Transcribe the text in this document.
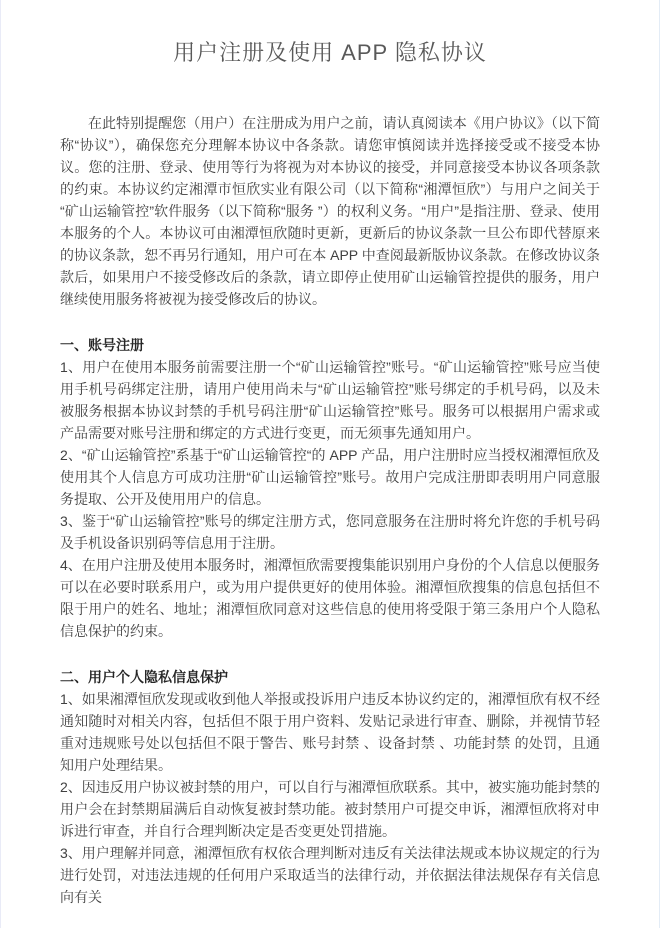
用户注册及使用 APP 隐私协议

在此特别提醒您（用户）在注册成为用户之前，请认真阅读本《用户协议》（以下简称“协议”），确保您充分理解本协议中各条款。请您审慎阅读并选择接受或不接受本协议。您的注册、登录、使用等行为将视为对本协议的接受，并同意接受本协议各项条款的约束。本协议约定湘潭市恒欣实业有限公司（以下简称“湘潭恒欣”）与用户之间关于“矿山运输管控”软件服务（以下简称“服务 ”）的权利义务。“用户”是指注册、登录、使用本服务的个人。本协议可由湘潭恒欣随时更新，更新后的协议条款一旦公布即代替原来的协议条款，恕不再另行通知，用户可在本 APP 中查阅最新版协议条款。在修改协议条款后，如果用户不接受修改后的条款，请立即停止使用矿山运输管控提供的服务，用户继续使用服务将被视为接受修改后的协议。

一、账号注册

1、用户在使用本服务前需要注册一个“矿山运输管控”账号。“矿山运输管控”账号应当使用手机号码绑定注册，请用户使用尚未与“矿山运输管控”账号绑定的手机号码，以及未被服务根据本协议封禁的手机号码注册“矿山运输管控”账号。服务可以根据用户需求或产品需要对账号注册和绑定的方式进行变更，而无须事先通知用户。

2、“矿山运输管控”系基于“矿山运输管控“的 APP 产品，用户注册时应当授权湘潭恒欣及使用其个人信息方可成功注册“矿山运输管控”账号。故用户完成注册即表明用户同意服务提取、公开及使用用户的信息。

3、鉴于“矿山运输管控”账号的绑定注册方式，您同意服务在注册时将允许您的手机号码及手机设备识别码等信息用于注册。

4、在用户注册及使用本服务时，湘潭恒欣需要搜集能识别用户身份的个人信息以便服务可以在必要时联系用户，或为用户提供更好的使用体验。湘潭恒欣搜集的信息包括但不限于用户的姓名、地址；湘潭恒欣同意对这些信息的使用将受限于第三条用户个人隐私信息保护的约束。

二、用户个人隐私信息保护

1、如果湘潭恒欣发现或收到他人举报或投诉用户违反本协议约定的，湘潭恒欣有权不经通知随时对相关内容，包括但不限于用户资料、发贴记录进行审查、删除，并视情节轻重对违规账号处以包括但不限于警告、账号封禁 、设备封禁 、功能封禁 的处罚，且通知用户处理结果。

2、因违反用户协议被封禁的用户，可以自行与湘潭恒欣联系。其中，被实施功能封禁的用户会在封禁期届满后自动恢复被封禁功能。被封禁用户可提交申诉，湘潭恒欣将对申诉进行审查，并自行合理判断决定是否变更处罚措施。

3、用户理解并同意，湘潭恒欣有权依合理判断对违反有关法律法规或本协议规定的行为进行处罚，对违法违规的任何用户采取适当的法律行动，并依据法律法规保存有关信息向有关
